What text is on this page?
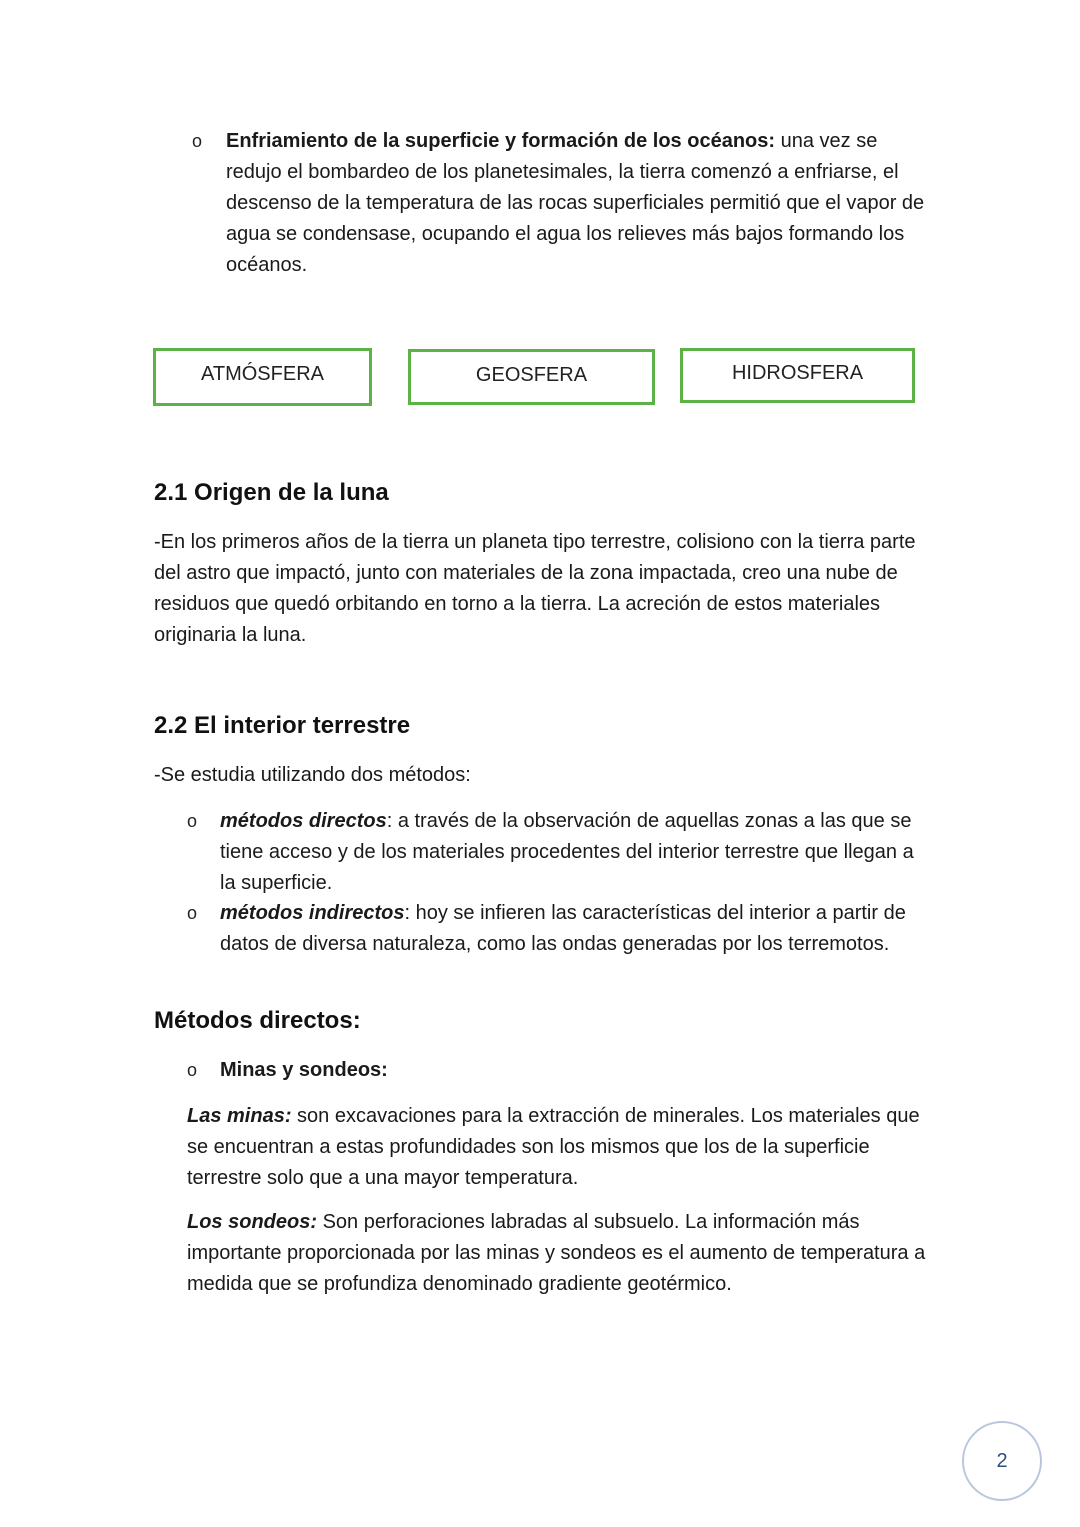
o Enfriamiento de la superficie y formación de los océanos: una vez se redujo el bombardeo de los planetesimales, la tierra comenzó a enfriarse, el descenso de la temperatura de las rocas superficiales permitió que el vapor de agua se condensase, ocupando el agua los relieves más bajos formando los océanos.
ATMÓSFERA	GEOSFERA	HIDROSFERA
2.1 Origen de la luna
-En los primeros años de la tierra un planeta tipo terrestre, colisiono con la tierra parte del astro que impactó, junto con materiales de la zona impactada, creo una nube de residuos que quedó orbitando en torno a la tierra. La acreción de estos materiales originaria la luna.
2.2 El interior terrestre
-Se estudia utilizando dos métodos:
o métodos directos: a través de la observación de aquellas zonas a las que se tiene acceso y de los materiales procedentes del interior terrestre que llegan a la superficie.
o métodos indirectos: hoy se infieren las características del interior a partir de datos de diversa naturaleza, como las ondas generadas por los terremotos.
Métodos directos:
o Minas y sondeos:
Las minas: son excavaciones para la extracción de minerales. Los materiales que se encuentran a estas profundidades son los mismos que los de la superficie terrestre solo que a una mayor temperatura.
Los sondeos: Son perforaciones labradas al subsuelo. La información más importante proporcionada por las minas y sondeos es el aumento de temperatura a medida que se profundiza denominado gradiente geotérmico.
2
